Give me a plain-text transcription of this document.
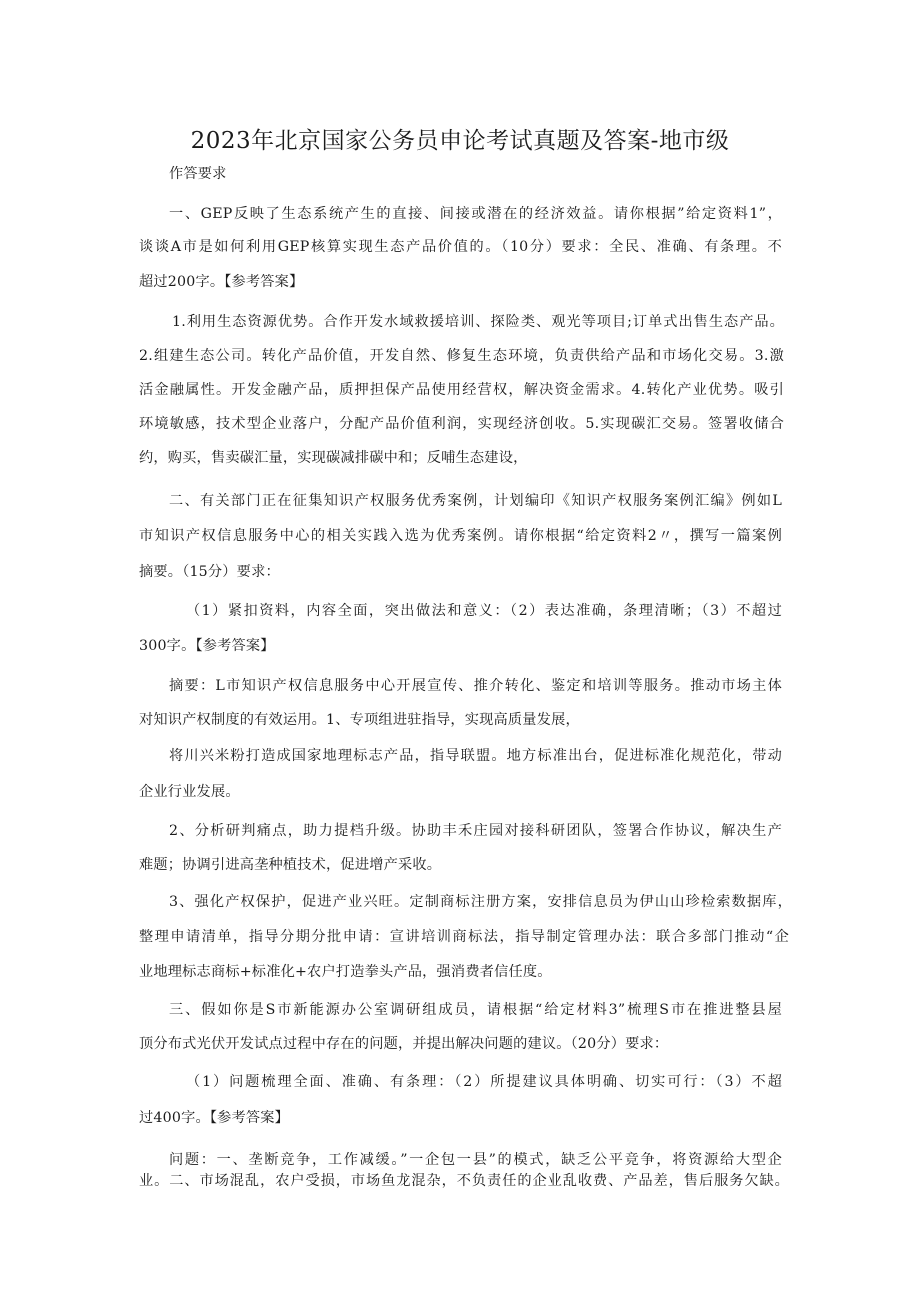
2023年北京国家公务员申论考试真题及答案-地市级
作答要求
一、GEP反映了生态系统产生的直接、间接或潜在的经济效益。请你根据”给定资料1”，
谈谈A市是如何利用GEP核算实现生态产品价值的。（10分）要求：全民、准确、有条理。不
超过200字。【参考答案】
1.利用生态资源优势。合作开发水域救援培训、探险类、观光等项目;订单式出售生态产品。
2.组建生态公司。转化产品价值，开发自然、修复生态环境，负责供给产品和市场化交易。3.激
活金融属性。开发金融产品，质押担保产品使用经营权，解决资金需求。4.转化产业优势。吸引
环境敏感，技术型企业落户，分配产品价值利润，实现经济创收。5.实现碳汇交易。签署收储合
约，购买，售卖碳汇量，实现碳减排碳中和；反哺生态建设，
二、有关部门正在征集知识产权服务优秀案例，计划编印《知识产权服务案例汇编》例如L
市知识产权信息服务中心的相关实践入选为优秀案例。请你根据“给定资料2〃，撰写一篇案例
摘要。（15分）要求：
（1）紧扣资料，内容全面，突出做法和意义：（2）表达准确，条理清晰；（3）不超过
300字。【参考答案】
摘要：L市知识产权信息服务中心开展宣传、推介转化、鉴定和培训等服务。推动市场主体
对知识产权制度的有效运用。1、专项组进驻指导，实现高质量发展，
将川兴米粉打造成国家地理标志产品，指导联盟。地方标准出台，促进标准化规范化，带动
企业行业发展。
2、分析研判痛点，助力提档升级。协助丰禾庄园对接科研团队，签署合作协议，解决生产
难题；协调引进高垄种植技术，促进增产采收。
3、强化产权保护，促进产业兴旺。定制商标注册方案，安排信息员为伊山山珍检索数据库，
整理申请清单，指导分期分批申请：宣讲培训商标法，指导制定管理办法：联合多部门推动“企
业地理标志商标+标准化+农户打造拳头产品，强消费者信任度。
三、假如你是S市新能源办公室调研组成员，请根据“给定材料3”梳理S市在推进整县屋
顶分布式光伏开发试点过程中存在的问题，并提出解决问题的建议。（20分）要求：
（1）问题梳理全面、准确、有条理：（2）所提建议具体明确、切实可行：（3）不超
过400字。【参考答案】
问题：一、垄断竞争，工作减缓。”一企包一县”的模式，缺乏公平竞争，将资源给大型企
业。二、市场混乱，农户受损，市场鱼龙混杂，不负责任的企业乱收费、产品差，售后服务欠缺。
